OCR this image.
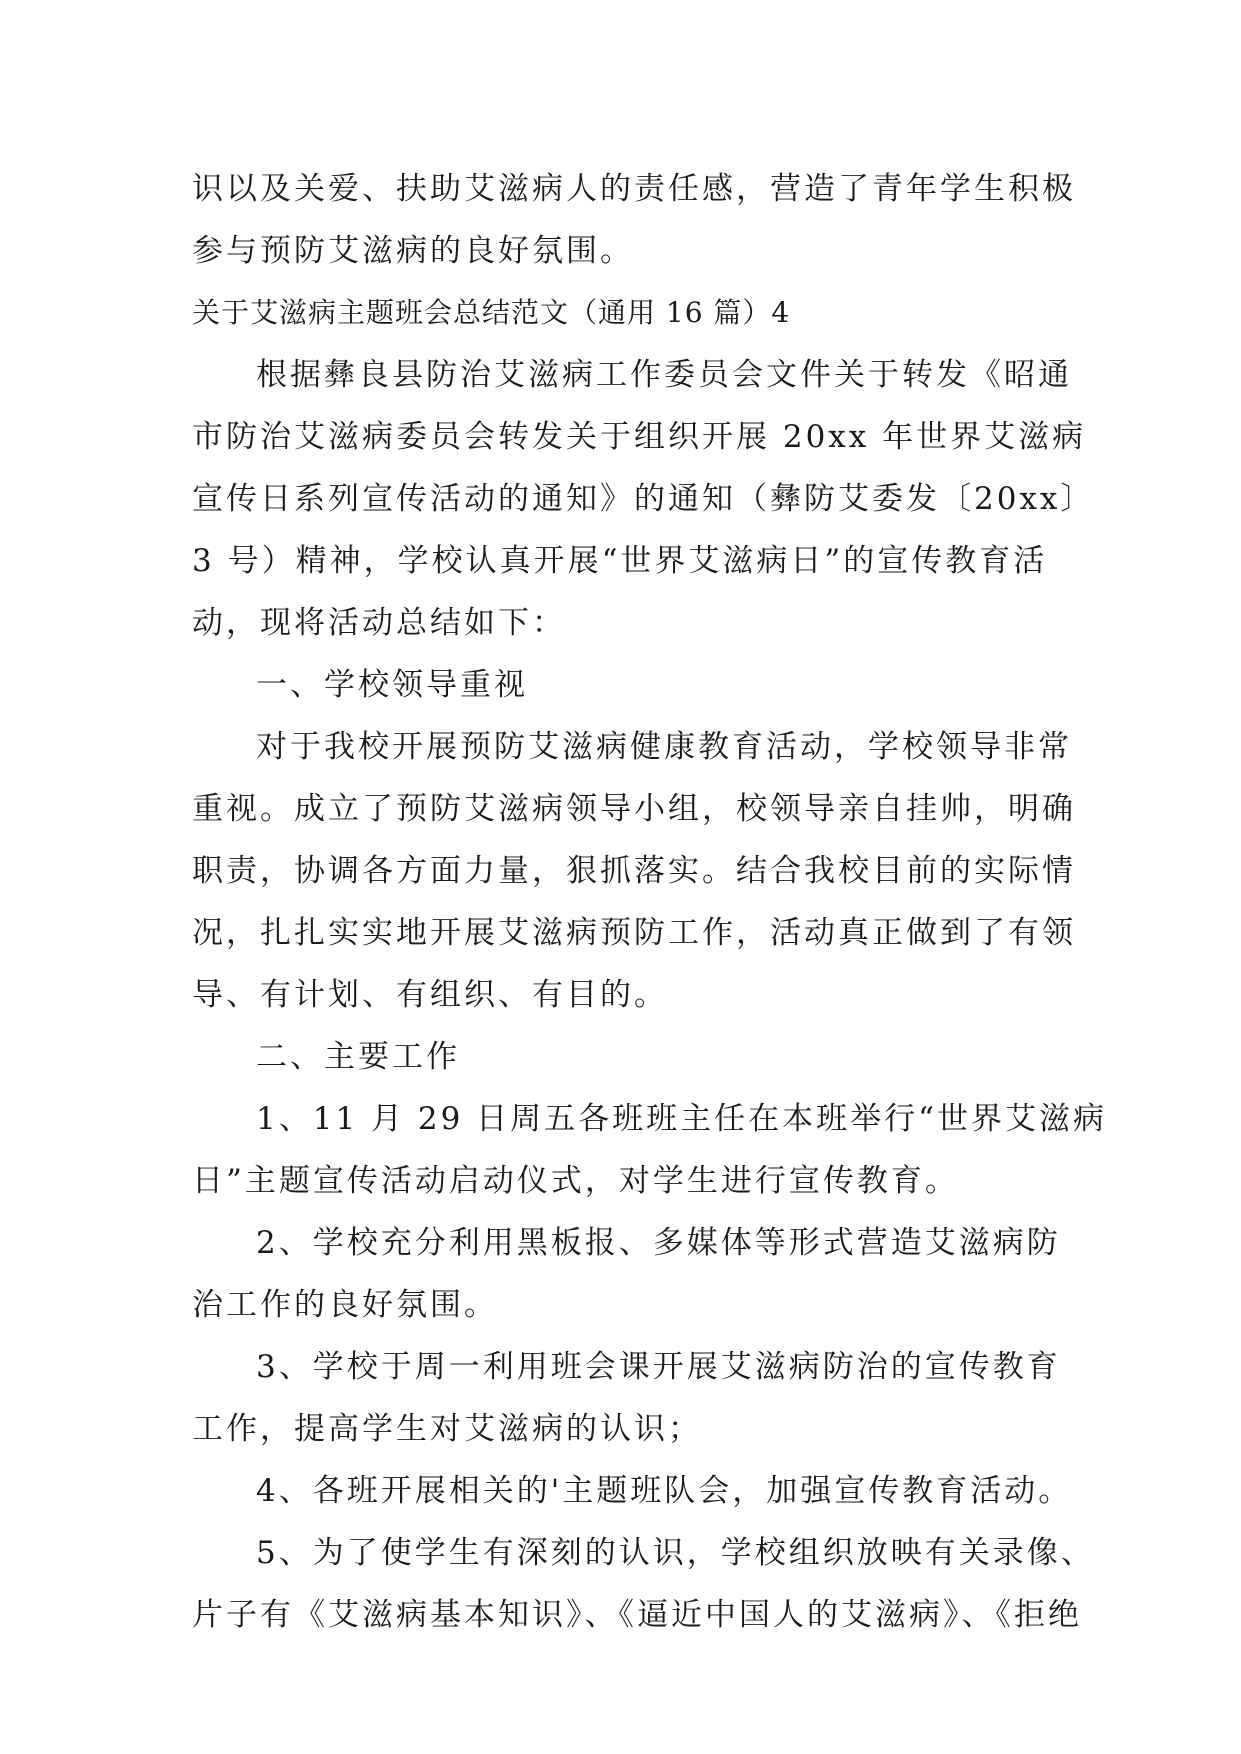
识以及关爱、扶助艾滋病人的责任感，营造了青年学生积极
参与预防艾滋病的良好氛围。
关于艾滋病主题班会总结范文（通用 16 篇）4
根据彝良县防治艾滋病工作委员会文件关于转发《昭通
市防治艾滋病委员会转发关于组织开展 20xx 年世界艾滋病
宣传日系列宣传活动的通知》的通知（彝防艾委发〔20xx〕
3 号）精神，学校认真开展“世界艾滋病日”的宣传教育活
动，现将活动总结如下：
一、学校领导重视
对于我校开展预防艾滋病健康教育活动，学校领导非常
重视。成立了预防艾滋病领导小组，校领导亲自挂帅，明确
职责，协调各方面力量，狠抓落实。结合我校目前的实际情
况，扎扎实实地开展艾滋病预防工作，活动真正做到了有领
导、有计划、有组织、有目的。
二、主要工作
1、11 月 29 日周五各班班主任在本班举行“世界艾滋病
日”主题宣传活动启动仪式，对学生进行宣传教育。
2、学校充分利用黑板报、多媒体等形式营造艾滋病防
治工作的良好氛围。
3、学校于周一利用班会课开展艾滋病防治的宣传教育
工作，提高学生对艾滋病的认识；
4、各班开展相关的'主题班队会，加强宣传教育活动。
5、为了使学生有深刻的认识，学校组织放映有关录像、
片子有《艾滋病基本知识》、《逼近中国人的艾滋病》、《拒绝
